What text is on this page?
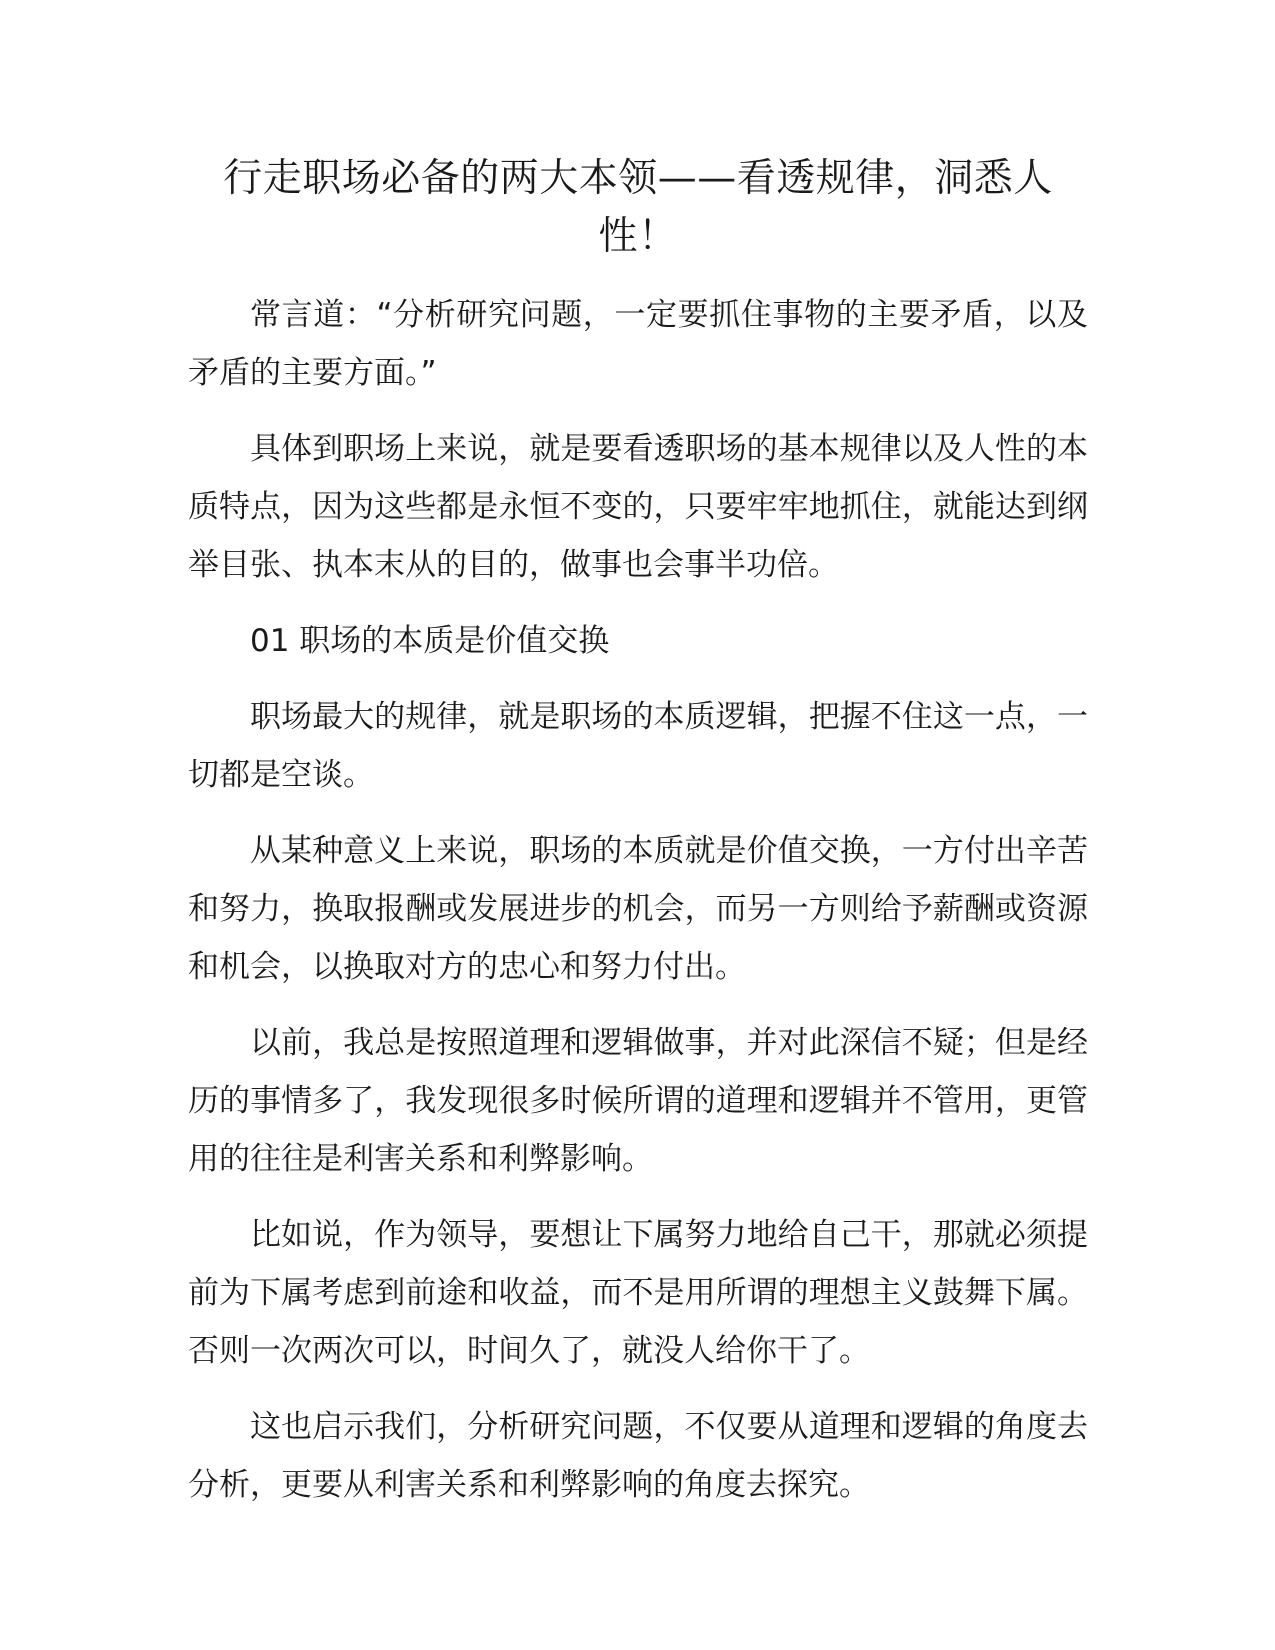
行走职场必备的两大本领——看透规律，洞悉人性！

常言道：“分析研究问题，一定要抓住事物的主要矛盾，以及矛盾的主要方面。”

具体到职场上来说，就是要看透职场的基本规律以及人性的本质特点，因为这些都是永恒不变的，只要牢牢地抓住，就能达到纲举目张、执本末从的目的，做事也会事半功倍。

01 职场的本质是价值交换

职场最大的规律，就是职场的本质逻辑，把握不住这一点，一切都是空谈。

从某种意义上来说，职场的本质就是价值交换，一方付出辛苦和努力，换取报酬或发展进步的机会，而另一方则给予薪酬或资源和机会，以换取对方的忠心和努力付出。

以前，我总是按照道理和逻辑做事，并对此深信不疑；但是经历的事情多了，我发现很多时候所谓的道理和逻辑并不管用，更管用的往往是利害关系和利弊影响。

比如说，作为领导，要想让下属努力地给自己干，那就必须提前为下属考虑到前途和收益，而不是用所谓的理想主义鼓舞下属。否则一次两次可以，时间久了，就没人给你干了。

这也启示我们，分析研究问题，不仅要从道理和逻辑的角度去分析，更要从利害关系和利弊影响的角度去探究。
